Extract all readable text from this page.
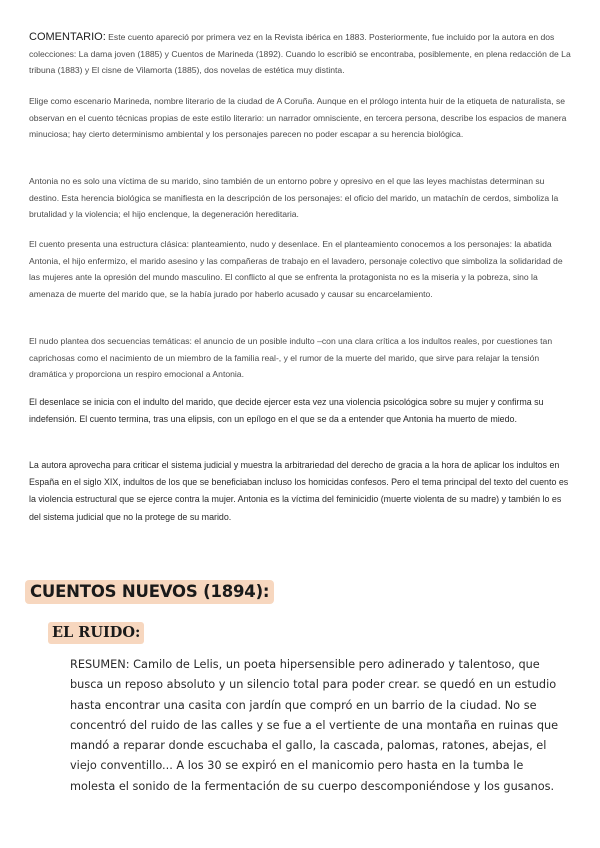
COMENTARIO: Este cuento apareció por primera vez en la Revista ibérica en 1883. Posteriormente, fue incluido por la autora en dos colecciones: La dama joven (1885) y Cuentos de Marineda (1892). Cuando lo escribió se encontraba, posiblemente, en plena redacción de La tribuna (1883) y El cisne de Vilamorta (1885), dos novelas de estética muy distinta.

Elige como escenario Marineda, nombre literario de la ciudad de A Coruña. Aunque en el prólogo intenta huir de la etiqueta de naturalista, se observan en el cuento técnicas propias de este estilo literario: un narrador omnisciente, en tercera persona, describe los espacios de manera minuciosa; hay cierto determinismo ambiental y los personajes parecen no poder escapar a su herencia biológica.

Antonia no es solo una víctima de su marido, sino también de un entorno pobre y opresivo en el que las leyes machistas determinan su destino. Esta herencia biológica se manifiesta en la descripción de los personajes: el oficio del marido, un matachín de cerdos, simboliza la brutalidad y la violencia; el hijo enclenque, la degeneración hereditaria.

El cuento presenta una estructura clásica: planteamiento, nudo y desenlace. En el planteamiento conocemos a los personajes: la abatida Antonia, el hijo enfermizo, el marido asesino y las compañeras de trabajo en el lavadero, personaje colectivo que simboliza la solidaridad de las mujeres ante la opresión del mundo masculino. El conflicto al que se enfrenta la protagonista no es la miseria y la pobreza, sino la amenaza de muerte del marido que, se la había jurado por haberlo acusado y causar su encarcelamiento.

El nudo plantea dos secuencias temáticas: el anuncio de un posible indulto –con una clara crítica a los indultos reales, por cuestiones tan caprichosas como el nacimiento de un miembro de la familia real-, y el rumor de la muerte del marido, que sirve para relajar la tensión dramática y proporciona un respiro emocional a Antonia.

El desenlace se inicia con el indulto del marido, que decide ejercer esta vez una violencia psicológica sobre su mujer y confirma su indefensión. El cuento termina, tras una elipsis, con un epílogo en el que se da a entender que Antonia ha muerto de miedo.

La autora aprovecha para criticar el sistema judicial y muestra la arbitrariedad del derecho de gracia a la hora de aplicar los indultos en España en el siglo XIX, indultos de los que se beneficiaban incluso los homicidas confesos. Pero el tema principal del texto del cuento es la violencia estructural que se ejerce contra la mujer. Antonia es la víctima del feminicidio (muerte violenta de su madre) y también lo es del sistema judicial que no la protege de su marido.

CUENTOS NUEVOS (1894):
EL RUIDO:

RESUMEN: Camilo de Lelis, un poeta hipersensible pero adinerado y talentoso, que busca un reposo absoluto y un silencio total para poder crear. se quedó en un estudio hasta encontrar una casita con jardín que compró en un barrio de la ciudad. No se concentró del ruido de las calles y se fue a el vertiente de una montaña en ruinas que mandó a reparar donde escuchaba el gallo, la cascada, palomas, ratones, abejas, el viejo conventillo... A los 30 se expiró en el manicomio pero hasta en la tumba le molesta el sonido de la fermentación de su cuerpo descomponiéndose y los gusanos.
